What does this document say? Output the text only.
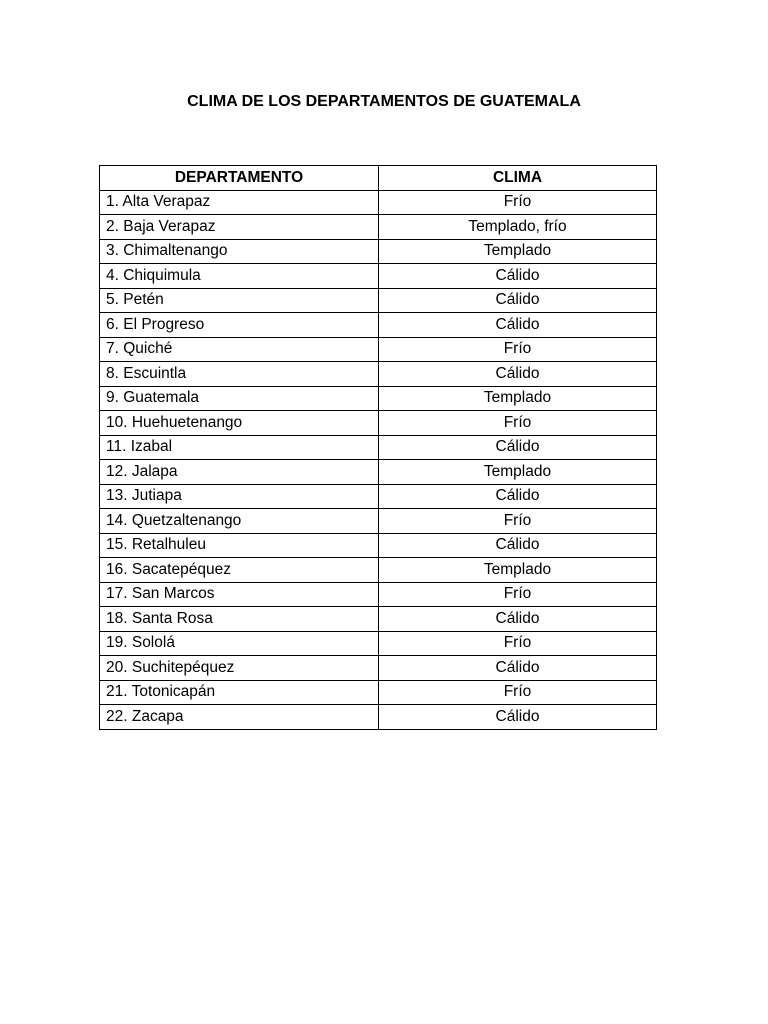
CLIMA DE LOS DEPARTAMENTOS DE GUATEMALA
DEPARTAMENTO	CLIMA
1. Alta Verapaz	Frío
2. Baja Verapaz	Templado, frío
3. Chimaltenango	Templado
4. Chiquimula	Cálido
5. Petén	Cálido
6. El Progreso	Cálido
7. Quiché	Frío
8. Escuintla	Cálido
9. Guatemala	Templado
10. Huehuetenango	Frío
11. Izabal	Cálido
12. Jalapa	Templado
13. Jutiapa	Cálido
14. Quetzaltenango	Frío
15. Retalhuleu	Cálido
16. Sacatepéquez	Templado
17. San Marcos	Frío
18. Santa Rosa	Cálido
19. Sololá	Frío
20. Suchitepéquez	Cálido
21. Totonicapán	Frío
22. Zacapa	Cálido
